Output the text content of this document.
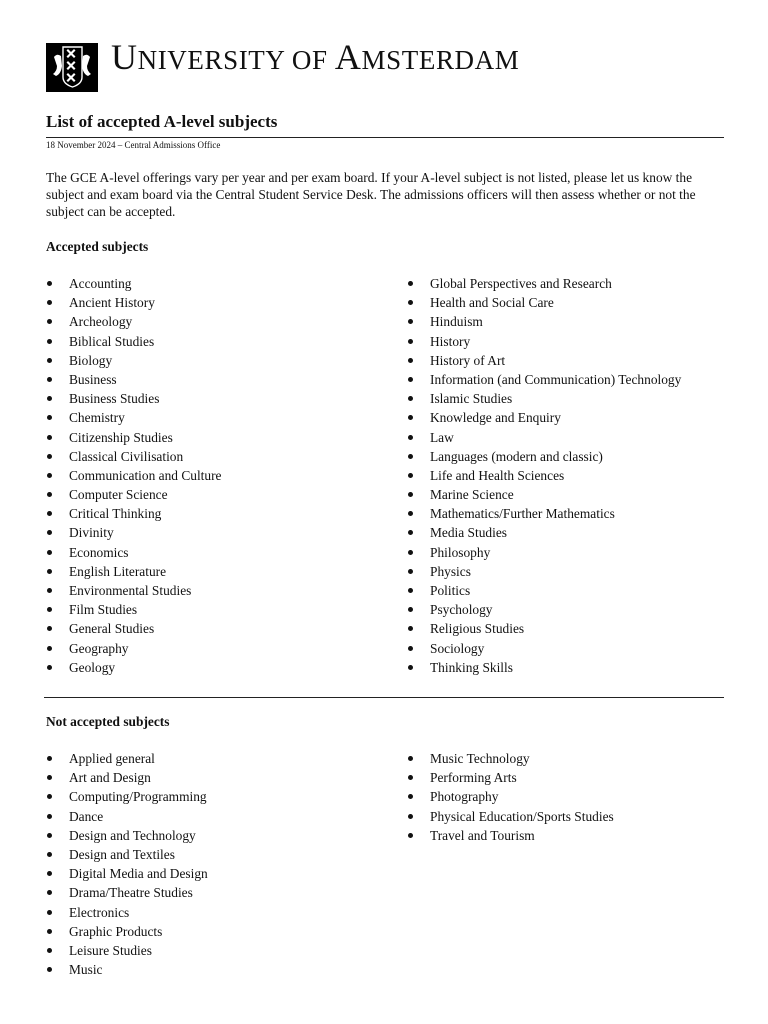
UNIVERSITY OF AMSTERDAM
List of accepted A-level subjects
18 November 2024 – Central Admissions Office

The GCE A-level offerings vary per year and per exam board. If your A-level subject is not listed, please let us know the subject and exam board via the Central Student Service Desk. The admissions officers will then assess whether or not the subject can be accepted.

Accepted subjects
Accounting
Ancient History
Archeology
Biblical Studies
Biology
Business
Business Studies
Chemistry
Citizenship Studies
Classical Civilisation
Communication and Culture
Computer Science
Critical Thinking
Divinity
Economics
English Literature
Environmental Studies
Film Studies
General Studies
Geography
Geology
Global Perspectives and Research
Health and Social Care
Hinduism
History
History of Art
Information (and Communication) Technology
Islamic Studies
Knowledge and Enquiry
Law
Languages (modern and classic)
Life and Health Sciences
Marine Science
Mathematics/Further Mathematics
Media Studies
Philosophy
Physics
Politics
Psychology
Religious Studies
Sociology
Thinking Skills
Not accepted subjects
Applied general
Art and Design
Computing/Programming
Dance
Design and Technology
Design and Textiles
Digital Media and Design
Drama/Theatre Studies
Electronics
Graphic Products
Leisure Studies
Music
Music Technology
Performing Arts
Photography
Physical Education/Sports Studies
Travel and Tourism
